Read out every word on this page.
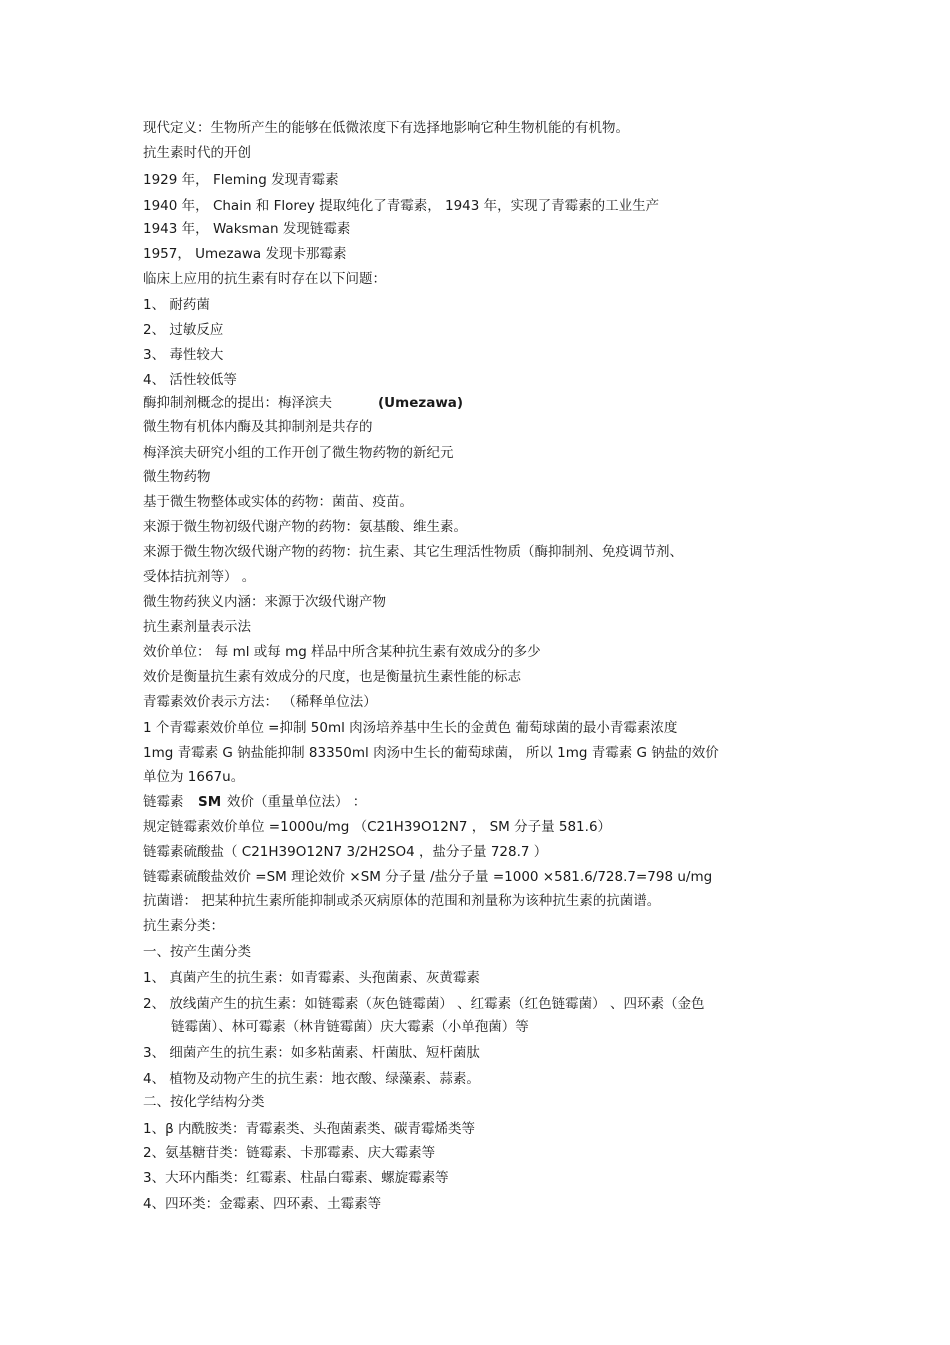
现代定义：生物所产生的能够在低微浓度下有选择地影响它种生物机能的有机物。

抗生素时代的开创

1929 年， Fleming 发现青霉素

1940 年， Chain 和 Florey 提取纯化了青霉素， 1943 年，实现了青霉素的工业生产

1943 年， Waksman 发现链霉素

1957， Umezawa 发现卡那霉素

临床上应用的抗生素有时存在以下问题：

1、 耐药菌

2、 过敏反应

3、 毒性较大

4、 活性较低等

酶抑制剂概念的提出：梅泽滨夫	(Umezawa)

微生物有机体内酶及其抑制剂是共存的

梅泽滨夫研究小组的工作开创了微生物药物的新纪元

微生物药物

基于微生物整体或实体的药物：菌苗、疫苗。

来源于微生物初级代谢产物的药物：氨基酸、维生素。

来源于微生物次级代谢产物的药物：抗生素、其它生理活性物质（酶抑制剂、免疫调节剂、

受体拮抗剂等） 。

微生物药狭义内涵：来源于次级代谢产物

抗生素剂量表示法

效价单位： 每 ml 或每 mg 样品中所含某种抗生素有效成分的多少

效价是衡量抗生素有效成分的尺度，也是衡量抗生素性能的标志

青霉素效价表示方法： （稀释单位法）

1 个青霉素效价单位 =抑制 50ml 肉汤培养基中生长的金黄色 葡萄球菌的最小青霉素浓度

1mg 青霉素 G 钠盐能抑制 83350ml 肉汤中生长的葡萄球菌， 所以 1mg 青霉素 G 钠盐的效价

单位为 1667u。

链霉素 SM 效价（重量单位法） ：

规定链霉素效价单位 =1000u/mg （C21H39O12N7 ， SM 分子量 581.6）

链霉素硫酸盐（ C21H39O12N7 3/2H2SO4 ，盐分子量 728.7 ）

链霉素硫酸盐效价 =SM 理论效价 ×SM 分子量 /盐分子量 =1000 ×581.6/728.7=798 u/mg

抗菌谱： 把某种抗生素所能抑制或杀灭病原体的范围和剂量称为该种抗生素的抗菌谱。

抗生素分类：

一、按产生菌分类

1、 真菌产生的抗生素：如青霉素、头孢菌素、灰黄霉素

2、 放线菌产生的抗生素：如链霉素（灰色链霉菌） 、红霉素（红色链霉菌） 、四环素（金色

链霉菌）、林可霉素（林肯链霉菌）庆大霉素（小单孢菌）等

3、 细菌产生的抗生素：如多粘菌素、杆菌肽、短杆菌肽

4、 植物及动物产生的抗生素：地衣酸、绿藻素、蒜素。

二、按化学结构分类

1、β 内酰胺类：青霉素类、头孢菌素类、碳青霉烯类等

2、氨基糖苷类：链霉素、卡那霉素、庆大霉素等

3、大环内酯类：红霉素、柱晶白霉素、螺旋霉素等

4、四环类：金霉素、四环素、土霉素等
